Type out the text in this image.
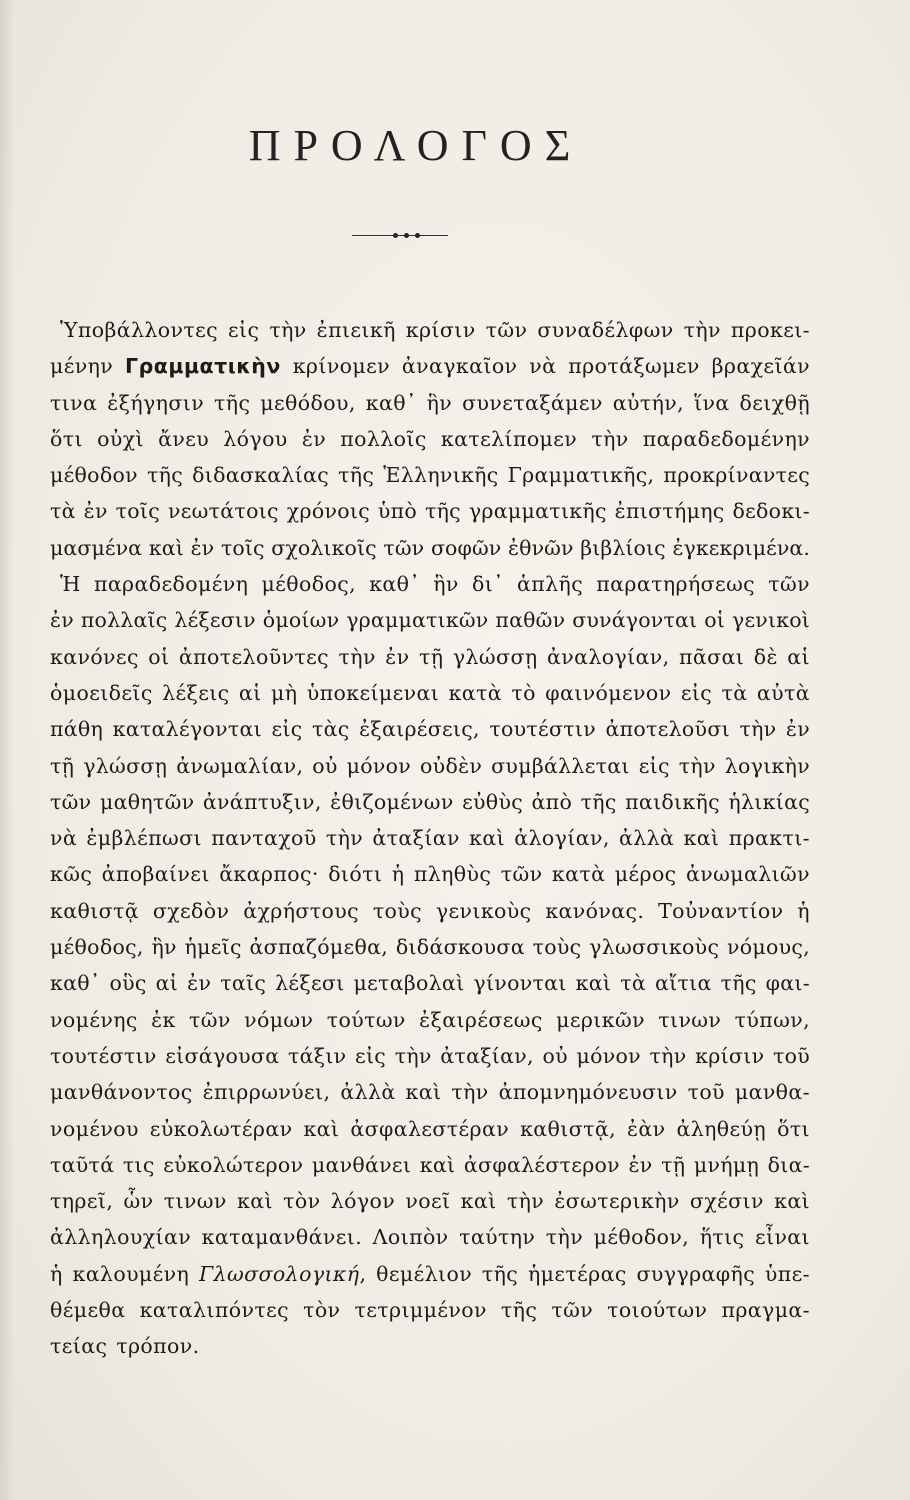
ΠΡΟΛΟΓΟΣ
Ὑποβάλλοντες εἰς τὴν ἐπιεικῆ κρίσιν τῶν συναδέλφων τὴν προκει-
μένην Γραμματικὴν κρίνομεν ἀναγκαῖον νὰ προτάξωμεν βραχεῖάν
τινα ἐξήγησιν τῆς μεθόδου, καθ᾽ ἣν συνεταξάμεν αὐτήν, ἵνα δειχθῇ
ὅτι οὐχὶ ἄνευ λόγου ἐν πολλοῖς κατελίπομεν τὴν παραδεδομένην
μέθοδον τῆς διδασκαλίας τῆς Ἑλληνικῆς Γραμματικῆς, προκρίναντες
τὰ ἐν τοῖς νεωτάτοις χρόνοις ὑπὸ τῆς γραμματικῆς ἐπιστήμης δεδοκι-
μασμένα καὶ ἐν τοῖς σχολικοῖς τῶν σοφῶν ἐθνῶν βιβλίοις ἐγκεκριμένα.
Ἡ παραδεδομένη μέθοδος, καθ᾽ ἣν δι᾽ ἁπλῆς παρατηρήσεως τῶν
ἐν πολλαῖς λέξεσιν ὁμοίων γραμματικῶν παθῶν συνάγονται οἱ γενικοὶ
κανόνες οἱ ἀποτελοῦντες τὴν ἐν τῇ γλώσσῃ ἀναλογίαν, πᾶσαι δὲ αἱ
ὁμοειδεῖς λέξεις αἱ μὴ ὑποκείμεναι κατὰ τὸ φαινόμενον εἰς τὰ αὐτὰ
πάθη καταλέγονται εἰς τὰς ἐξαιρέσεις, τουτέστιν ἀποτελοῦσι τὴν ἐν
τῇ γλώσσῃ ἀνωμαλίαν, οὐ μόνον οὐδὲν συμβάλλεται εἰς τὴν λογικὴν
τῶν μαθητῶν ἀνάπτυξιν, ἐθιζομένων εὐθὺς ἀπὸ τῆς παιδικῆς ἡλικίας
νὰ ἐμβλέπωσι πανταχοῦ τὴν ἀταξίαν καὶ ἀλογίαν, ἀλλὰ καὶ πρακτι-
κῶς ἀποβαίνει ἄκαρπος· διότι ἡ πληθὺς τῶν κατὰ μέρος ἀνωμαλιῶν
καθιστᾷ σχεδὸν ἀχρήστους τοὺς γενικοὺς κανόνας. Τοὐναντίον ἡ
μέθοδος, ἣν ἡμεῖς ἀσπαζόμεθα, διδάσκουσα τοὺς γλωσσικοὺς νόμους,
καθ᾽ οὓς αἱ ἐν ταῖς λέξεσι μεταβολαὶ γίνονται καὶ τὰ αἴτια τῆς φαι-
νομένης ἐκ τῶν νόμων τούτων ἐξαιρέσεως μερικῶν τινων τύπων,
τουτέστιν εἰσάγουσα τάξιν εἰς τὴν ἀταξίαν, οὐ μόνον τὴν κρίσιν τοῦ
μανθάνοντος ἐπιρρωνύει, ἀλλὰ καὶ τὴν ἀπομνημόνευσιν τοῦ μανθα-
νομένου εὐκολωτέραν καὶ ἀσφαλεστέραν καθιστᾷ, ἐὰν ἀληθεύῃ ὅτι
ταῦτά τις εὐκολώτερον μανθάνει καὶ ἀσφαλέστερον ἐν τῇ μνήμῃ δια-
τηρεῖ, ὧν τινων καὶ τὸν λόγον νοεῖ καὶ τὴν ἐσωτερικὴν σχέσιν καὶ
ἀλληλουχίαν καταμανθάνει. Λοιπὸν ταύτην τὴν μέθοδον, ἥτις εἶναι
ἡ καλουμένη Γλωσσολογική, θεμέλιον τῆς ἡμετέρας συγγραφῆς ὑπε-
θέμεθα καταλιπόντες τὸν τετριμμένον τῆς τῶν τοιούτων πραγμα-
τείας τρόπον.
